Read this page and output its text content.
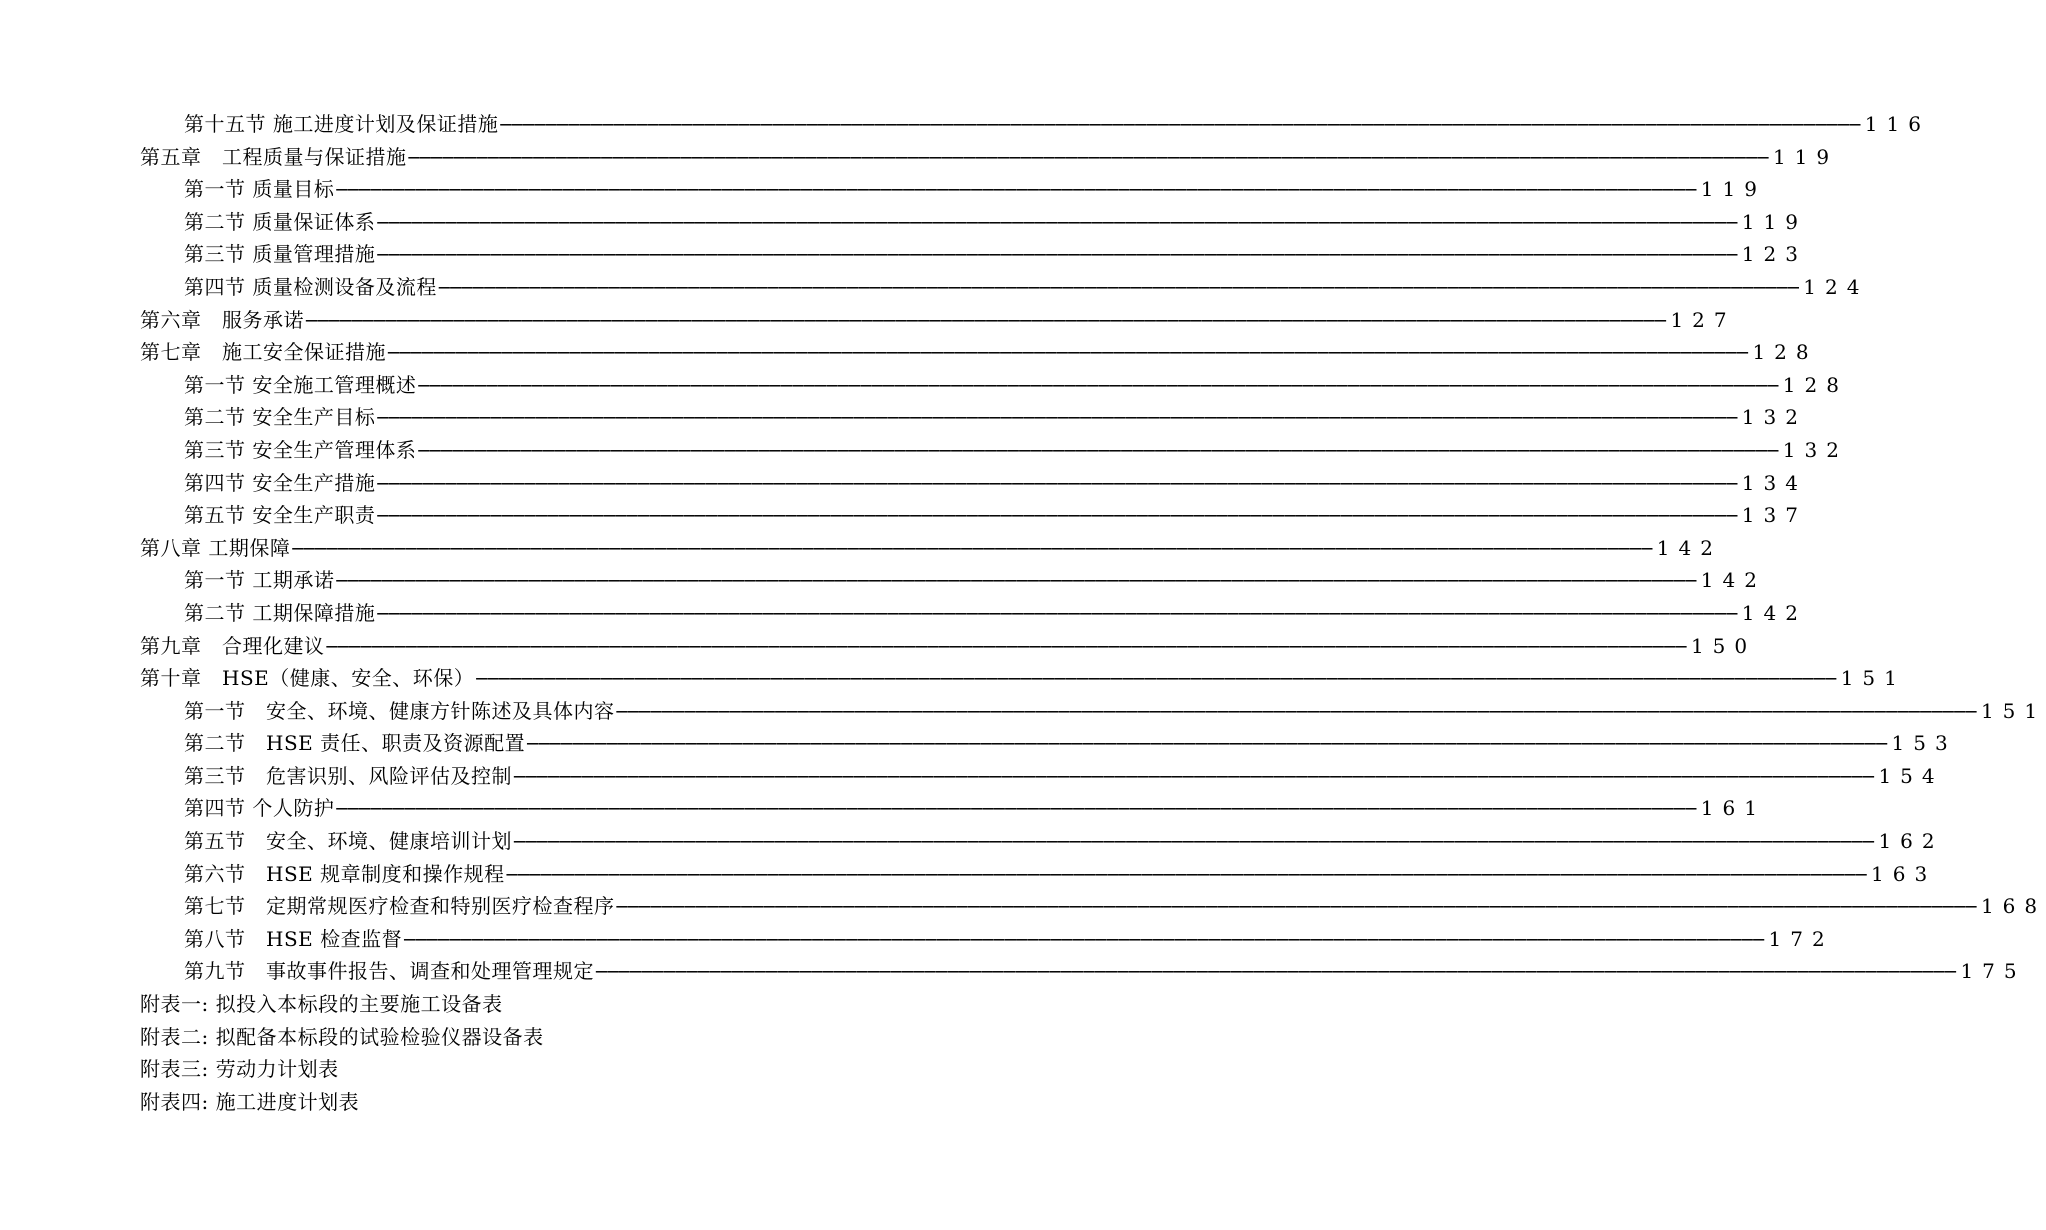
第十五节 施工进度计划及保证措施 ──────────────────────────────────────────────────────────────────────────────────────────────────────────────────────── 116
第五章　工程质量与保证措施 ──────────────────────────────────────────────────────────────────────────────────────────────────────────────────────── 119
第一节 质量目标 ──────────────────────────────────────────────────────────────────────────────────────────────────────────────────────── 119
第二节 质量保证体系 ──────────────────────────────────────────────────────────────────────────────────────────────────────────────────────── 119
第三节 质量管理措施 ──────────────────────────────────────────────────────────────────────────────────────────────────────────────────────── 123
第四节 质量检测设备及流程 ──────────────────────────────────────────────────────────────────────────────────────────────────────────────────────── 124
第六章　服务承诺 ──────────────────────────────────────────────────────────────────────────────────────────────────────────────────────── 127
第七章　施工安全保证措施 ──────────────────────────────────────────────────────────────────────────────────────────────────────────────────────── 128
第一节 安全施工管理概述 ──────────────────────────────────────────────────────────────────────────────────────────────────────────────────────── 128
第二节 安全生产目标 ──────────────────────────────────────────────────────────────────────────────────────────────────────────────────────── 132
第三节 安全生产管理体系 ──────────────────────────────────────────────────────────────────────────────────────────────────────────────────────── 132
第四节 安全生产措施 ──────────────────────────────────────────────────────────────────────────────────────────────────────────────────────── 134
第五节 安全生产职责 ──────────────────────────────────────────────────────────────────────────────────────────────────────────────────────── 137
第八章 工期保障 ──────────────────────────────────────────────────────────────────────────────────────────────────────────────────────── 142
第一节 工期承诺 ──────────────────────────────────────────────────────────────────────────────────────────────────────────────────────── 142
第二节 工期保障措施 ──────────────────────────────────────────────────────────────────────────────────────────────────────────────────────── 142
第九章　合理化建议 ──────────────────────────────────────────────────────────────────────────────────────────────────────────────────────── 150
第十章　HSE（健康、安全、环保） ──────────────────────────────────────────────────────────────────────────────────────────────────────────────────────── 151
第一节　安全、环境、健康方针陈述及具体内容 ──────────────────────────────────────────────────────────────────────────────────────────────────────────────────────── 151
第二节　HSE 责任、职责及资源配置 ──────────────────────────────────────────────────────────────────────────────────────────────────────────────────────── 153
第三节　危害识别、风险评估及控制 ──────────────────────────────────────────────────────────────────────────────────────────────────────────────────────── 154
第四节 个人防护 ──────────────────────────────────────────────────────────────────────────────────────────────────────────────────────── 161
第五节　安全、环境、健康培训计划 ──────────────────────────────────────────────────────────────────────────────────────────────────────────────────────── 162
第六节　HSE 规章制度和操作规程 ──────────────────────────────────────────────────────────────────────────────────────────────────────────────────────── 163
第七节　定期常规医疗检查和特别医疗检查程序 ──────────────────────────────────────────────────────────────────────────────────────────────────────────────────────── 168
第八节　HSE 检查监督 ──────────────────────────────────────────────────────────────────────────────────────────────────────────────────────── 172
第九节　事故事件报告、调查和处理管理规定 ──────────────────────────────────────────────────────────────────────────────────────────────────────────────────────── 175
附表一: 拟投入本标段的主要施工设备表
附表二: 拟配备本标段的试验检验仪器设备表
附表三: 劳动力计划表
附表四: 施工进度计划表
